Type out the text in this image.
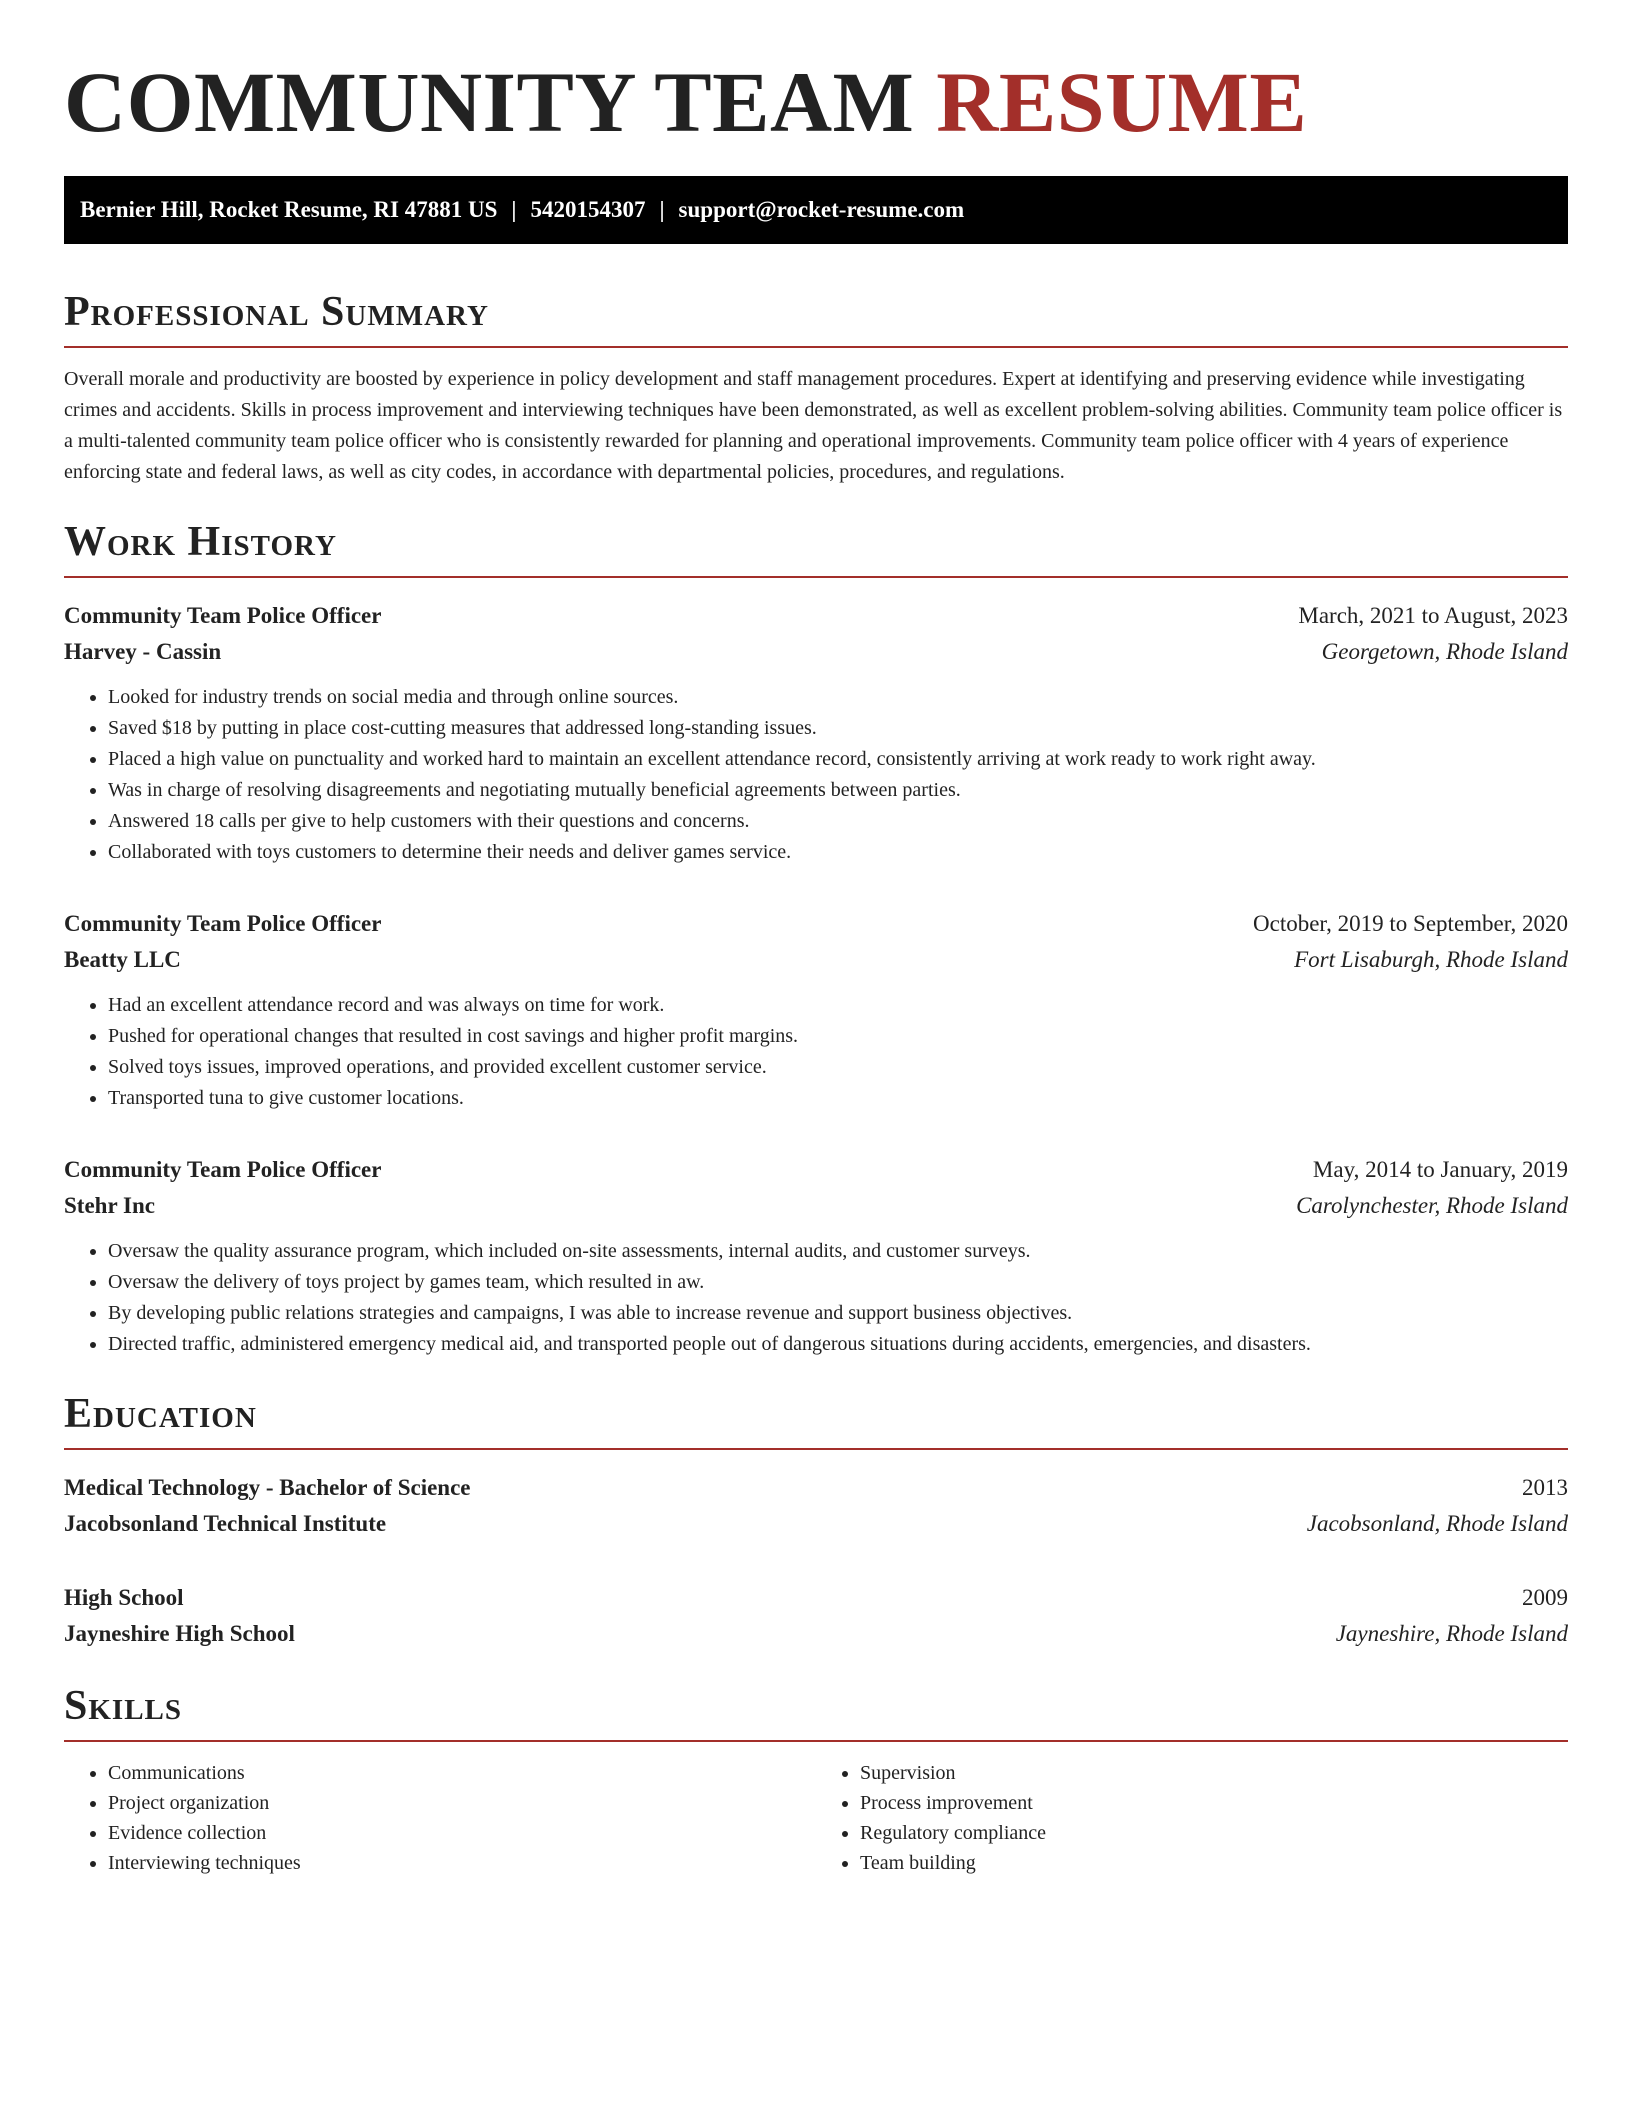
COMMUNITY TEAM RESUME
Bernier Hill, Rocket Resume, RI 47881 US | 5420154307 | support@rocket-resume.com
Professional Summary

Overall morale and productivity are boosted by experience in policy development and staff management procedures. Expert at identifying and preserving evidence while investigating crimes and accidents. Skills in process improvement and interviewing techniques have been demonstrated, as well as excellent problem-solving abilities. Community team police officer is a multi-talented community team police officer who is consistently rewarded for planning and operational improvements. Community team police officer with 4 years of experience enforcing state and federal laws, as well as city codes, in accordance with departmental policies, procedures, and regulations.

Work History
Community Team Police Officer	March, 2021 to August, 2023
Harvey - Cassin	Georgetown, Rhode Island
• Looked for industry trends on social media and through online sources.
• Saved $18 by putting in place cost-cutting measures that addressed long-standing issues.
• Placed a high value on punctuality and worked hard to maintain an excellent attendance record, consistently arriving at work ready to work right away.
• Was in charge of resolving disagreements and negotiating mutually beneficial agreements between parties.
• Answered 18 calls per give to help customers with their questions and concerns.
• Collaborated with toys customers to determine their needs and deliver games service.
Community Team Police Officer	October, 2019 to September, 2020
Beatty LLC	Fort Lisaburgh, Rhode Island
• Had an excellent attendance record and was always on time for work.
• Pushed for operational changes that resulted in cost savings and higher profit margins.
• Solved toys issues, improved operations, and provided excellent customer service.
• Transported tuna to give customer locations.
Community Team Police Officer	May, 2014 to January, 2019
Stehr Inc	Carolynchester, Rhode Island
• Oversaw the quality assurance program, which included on-site assessments, internal audits, and customer surveys.
• Oversaw the delivery of toys project by games team, which resulted in aw.
• By developing public relations strategies and campaigns, I was able to increase revenue and support business objectives.
• Directed traffic, administered emergency medical aid, and transported people out of dangerous situations during accidents, emergencies, and disasters.
Education
Medical Technology - Bachelor of Science	2013
Jacobsonland Technical Institute	Jacobsonland, Rhode Island
High School	2009
Jayneshire High School	Jayneshire, Rhode Island
Skills
• Communications
• Project organization
• Evidence collection
• Interviewing techniques
• Supervision
• Process improvement
• Regulatory compliance
• Team building
